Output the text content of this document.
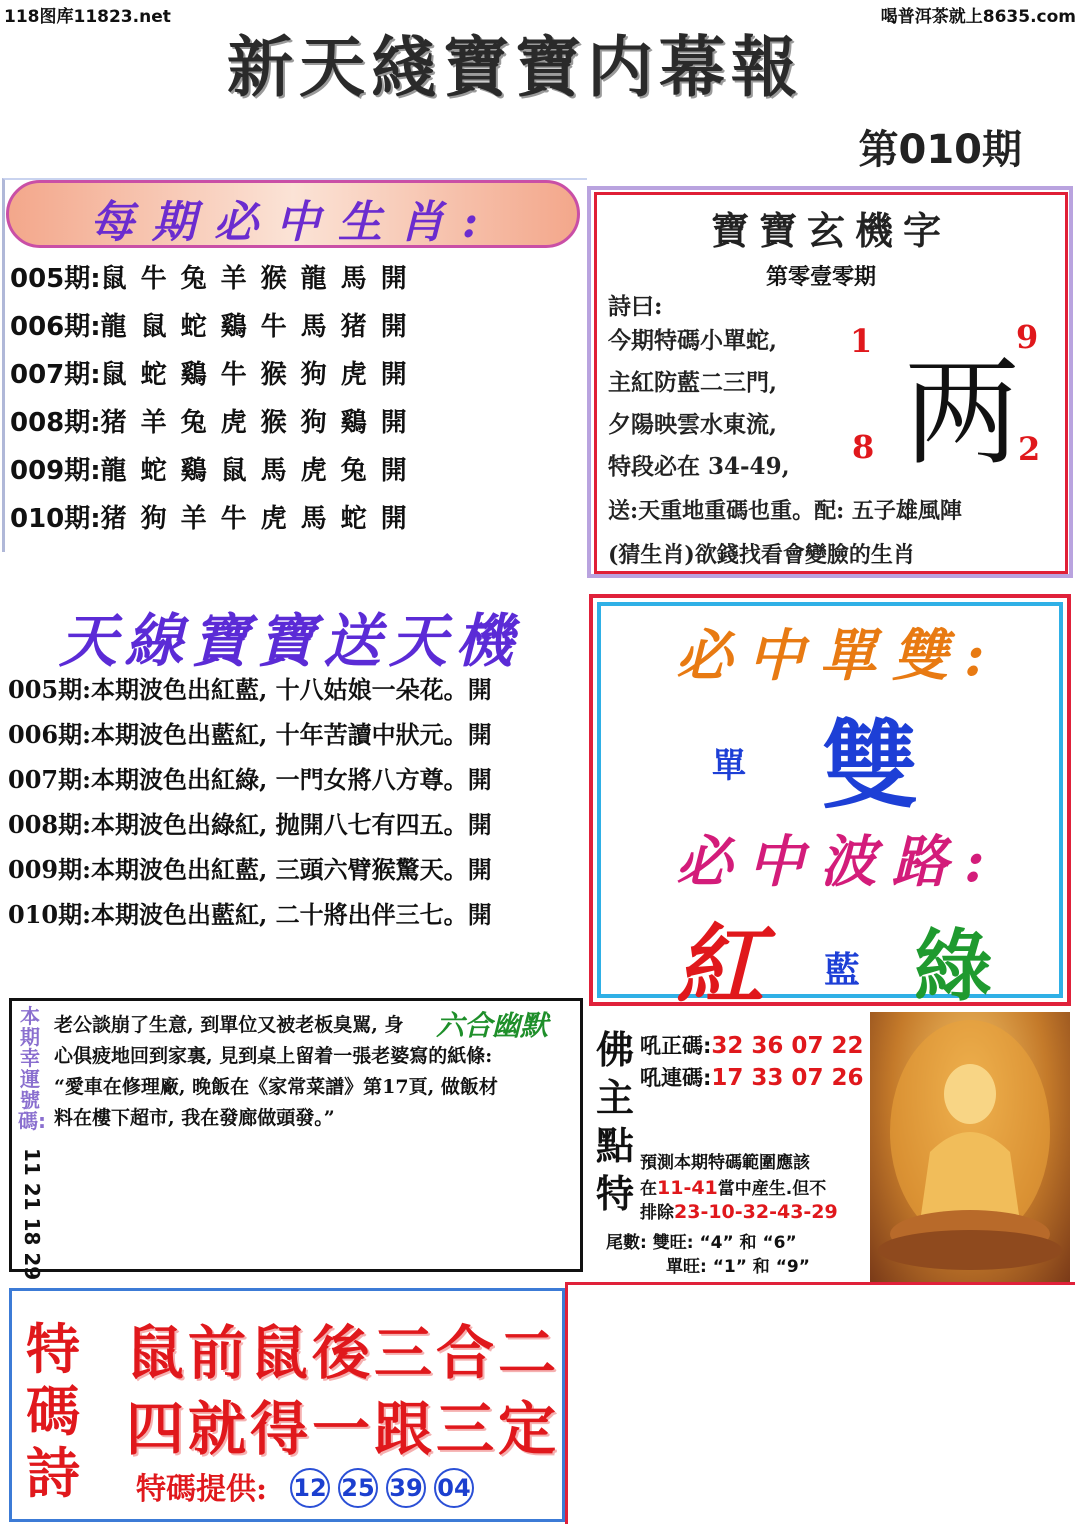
118图库11823.net	喝普洱茶就上8635.com
新天綫寶寶内幕報
第010期
每期必中生肖:
005期:鼠牛兔羊猴龍馬開
006期:龍鼠蛇鷄牛馬猪開
007期:鼠蛇鷄牛猴狗虎開
008期:猪羊兔虎猴狗鷄開
009期:龍蛇鷄鼠馬虎兔開
010期:猪狗羊牛虎馬蛇開
寶寶玄機字
第零壹零期
詩曰:
今期特碼小單蛇,
主紅防藍二三門,
夕陽映雲水東流,
特段必在 34-49,
1	9
8	2
两
送:天重地重碼也重。配: 五子雄風陣
(猜生肖)欲錢找看會變臉的生肖
天線寶寶送天機
005期:本期波色出紅藍, 十八姑娘一朵花。開
006期:本期波色出藍紅, 十年苦讀中狀元。開
007期:本期波色出紅綠, 一門女將八方尊。開
008期:本期波色出綠紅, 抛開八七有四五。開
009期:本期波色出紅藍, 三頭六臂猴驚天。開
010期:本期波色出藍紅, 二十將出伴三七。開
必中單雙:
單 雙
必中波路:
紅 藍 綠
本期幸運號碼:
11 21 18 29
六合幽默
老公談崩了生意, 到單位又被老板臭駡, 身
心俱疲地回到家裏, 見到桌上留着一張老婆寫的紙條:
“愛車在修理廠, 晚飯在《家常菜譜》第17頁, 做飯材
料在樓下超市, 我在發廊做頭發。”
佛主點特
吼正碼:32 36 07 22
吼連碼:17 33 07 26
預測本期特碼範圍應該
在11-41當中産生.但不
排除23-10-32-43-29
尾數: 雙旺: “4” 和 “6”
單旺: “1” 和 “9”
特碼詩
鼠前鼠後三合二
四就得一跟三定
特碼提供: 12 25 39 04
